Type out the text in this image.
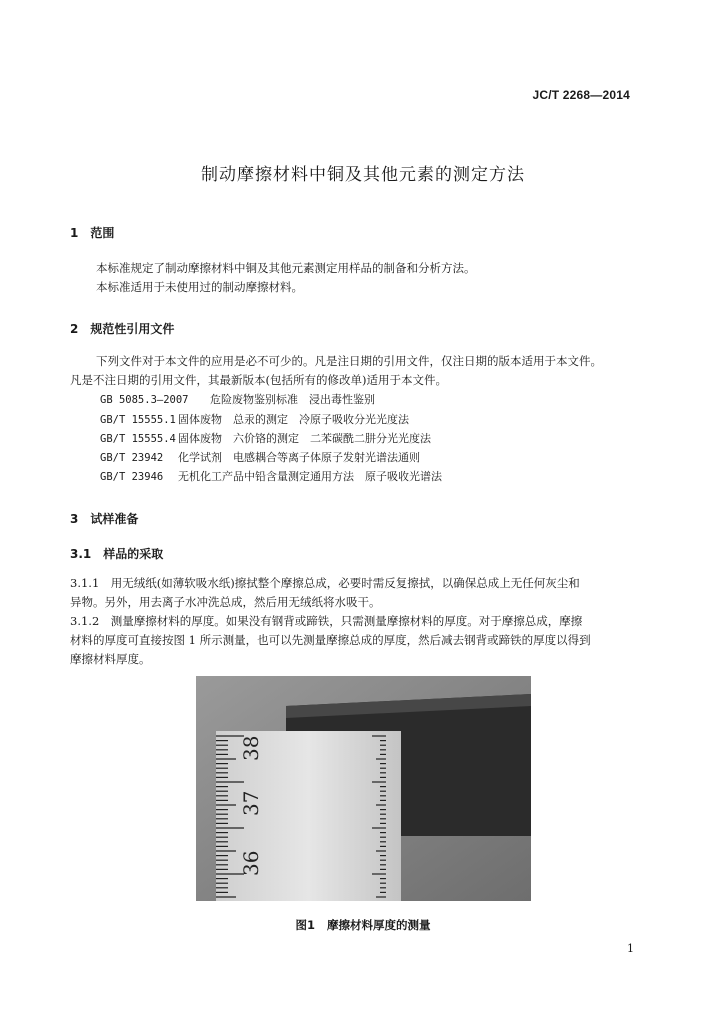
JC/T 2268—2014
制动摩擦材料中铜及其他元素的测定方法
1　范围
本标准规定了制动摩擦材料中铜及其他元素测定用样品的制备和分析方法。
本标准适用于未使用过的制动摩擦材料。
2　规范性引用文件
下列文件对于本文件的应用是必不可少的。凡是注日期的引用文件，仅注日期的版本适用于本文件。
凡是不注日期的引用文件，其最新版本(包括所有的修改单)适用于本文件。
GB 5085.3—2007 危险废物鉴别标准　浸出毒性鉴别
GB/T 15555.1 固体废物　总汞的测定　冷原子吸收分光光度法
GB/T 15555.4 固体废物　六价铬的测定　二苯碳酰二肼分光光度法
GB/T 23942 化学试剂　电感耦合等离子体原子发射光谱法通则
GB/T 23946 无机化工产品中铅含量测定通用方法　原子吸收光谱法
3　试样准备
3.1　样品的采取
3.1.1　用无绒纸(如薄软吸水纸)擦拭整个摩擦总成，必要时需反复擦拭，以确保总成上无任何灰尘和
异物。另外，用去离子水冲洗总成，然后用无绒纸将水吸干。
3.1.2　测量摩擦材料的厚度。如果没有钢背或蹄铁，只需测量摩擦材料的厚度。对于摩擦总成，摩擦
材料的厚度可直接按图 1 所示测量，也可以先测量摩擦总成的厚度，然后减去钢背或蹄铁的厚度以得到
摩擦材料厚度。
38
37
36
图1 摩擦材料厚度的测量
1
